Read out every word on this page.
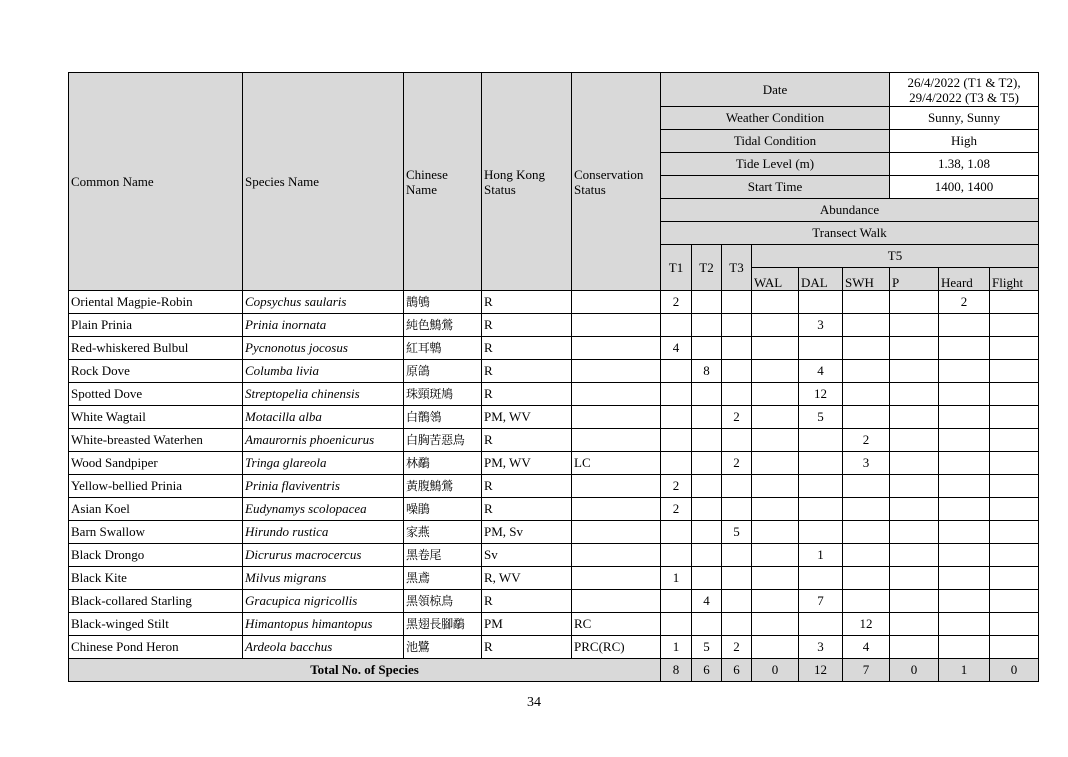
Common Name	Species Name	Chinese Name	Hong Kong Status	Conservation Status	Date						26/4/2022 (T1 & T2), 29/4/2022 (T3 & T5)		
					Weather Condition						Sunny, Sunny		
					Tidal Condition						High		
					Tide Level (m)						1.38, 1.08		
					Start Time						1400, 1400		
					Abundance								
					Transect Walk								
					T1	T2	T3	T5					
								WAL	DAL	SWH	P	Heard	Flight
Oriental Magpie-Robin	Copsychus saularis	鵲鴝	R		2							2	
Plain Prinia	Prinia inornata	純色鷦鶯	R						3				
Red-whiskered Bulbul	Pycnonotus jocosus	紅耳鵯	R		4								
Rock Dove	Columba livia	原鴿	R			8			4				
Spotted Dove	Streptopelia chinensis	珠頸斑鳩	R						12				
White Wagtail	Motacilla alba	白鶺鴒	PM, WV				2		5				
White-breasted Waterhen	Amaurornis phoenicurus	白胸苦惡鳥	R							2			
Wood Sandpiper	Tringa glareola	林鷸	PM, WV	LC			2			3			
Yellow-bellied Prinia	Prinia flaviventris	黃腹鷦鶯	R		2								
Asian Koel	Eudynamys scolopacea	噪鵑	R		2								
Barn Swallow	Hirundo rustica	家燕	PM, Sv				5						
Black Drongo	Dicrurus macrocercus	黑卷尾	Sv						1				
Black Kite	Milvus migrans	黑鳶	R, WV		1								
Black-collared Starling	Gracupica nigricollis	黑領椋鳥	R			4			7				
Black-winged Stilt	Himantopus himantopus	黑翅長腳鷸	PM	RC						12			
Chinese Pond Heron	Ardeola bacchus	池鷺	R	PRC(RC)	1	5	2		3	4			
Total No. of Species					8	6	6	0	12	7	0	1	0
34
